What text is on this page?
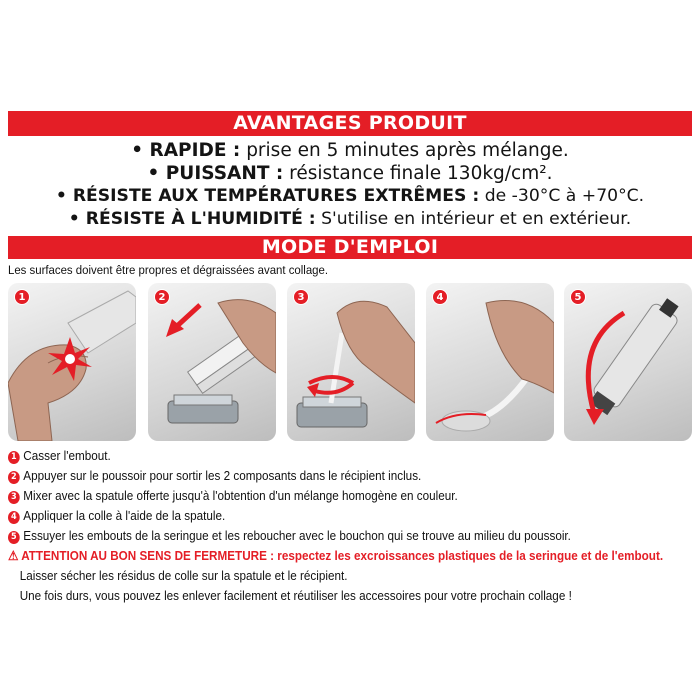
AVANTAGES PRODUIT
• RAPIDE : prise en 5 minutes après mélange.
• PUISSANT : résistance finale 130kg/cm².
• RÉSISTE AUX TEMPÉRATURES EXTRÊMES : de -30°C à +70°C.
• RÉSISTE À L'HUMIDITÉ : S'utilise en intérieur et en extérieur.
MODE D'EMPLOI
Les surfaces doivent être propres et dégraissées avant collage.
1	2	3	4	5
1 Casser l'embout.
2 Appuyer sur le poussoir pour sortir les 2 composants dans le récipient inclus.
3 Mixer avec la spatule offerte jusqu'à l'obtention d'un mélange homogène en couleur.
4 Appliquer la colle à l'aide de la spatule.
5 Essuyer les embouts de la seringue et les reboucher avec le bouchon qui se trouve au milieu du poussoir.
⚠ ATTENTION AU BON SENS DE FERMETURE : respectez les excroissances plastiques de la seringue et de l'embout.
Laisser sécher les résidus de colle sur la spatule et le récipient.
Une fois durs, vous pouvez les enlever facilement et réutiliser les accessoires pour votre prochain collage !
